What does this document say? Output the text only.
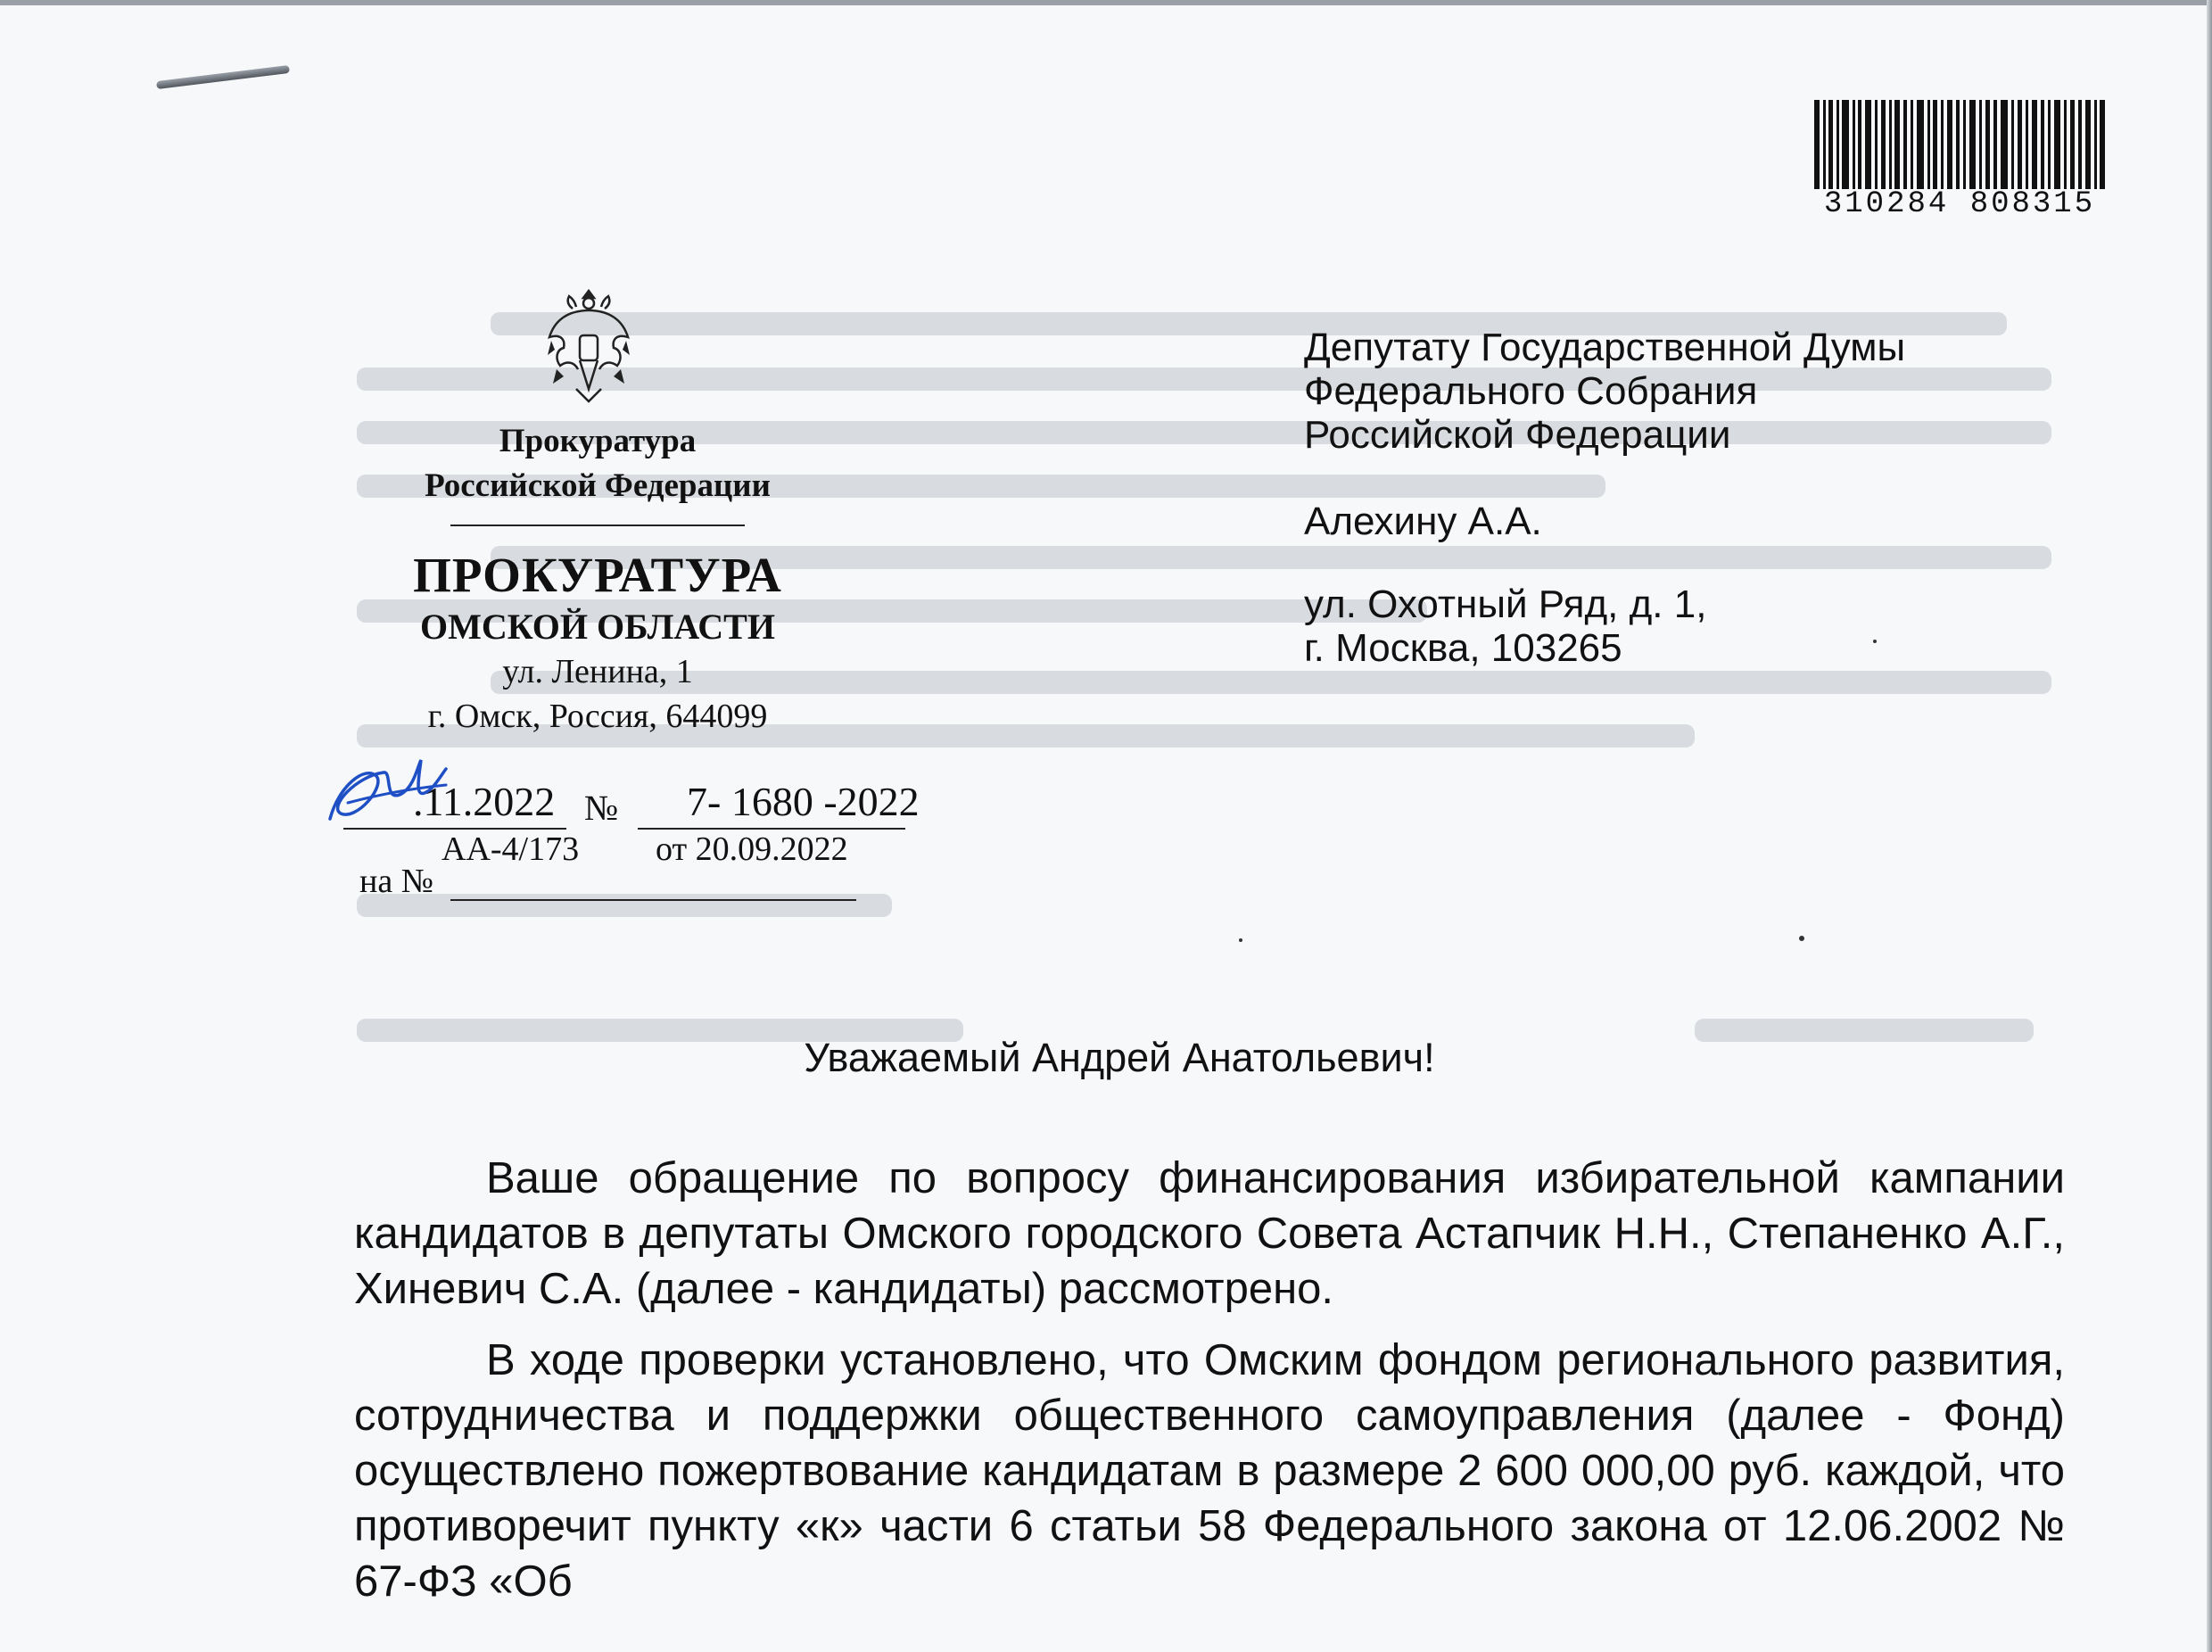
310284 808315
Прокуратура
Российской Федерации
ПРОКУРАТУРА
ОМСКОЙ ОБЛАСТИ
ул. Ленина, 1
г. Омск, Россия, 644099
.11.2022 № 7- 1680 -2022
АА-4/173 от 20.09.2022
на №
Депутату Государственной Думы
Федерального Собрания
Российской Федерации
Алехину А.А.
ул. Охотный Ряд, д. 1,
г. Москва, 103265
Уважаемый Андрей Анатольевич!

Ваше обращение по вопросу финансирования избирательной кампании кандидатов в депутаты Омского городского Совета Астапчик Н.Н., Степаненко А.Г., Хиневич С.А. (далее - кандидаты) рассмотрено.

В ходе проверки установлено, что Омским фондом регионального развития, сотрудничества и поддержки общественного самоуправления (далее - Фонд) осуществлено пожертвование кандидатам в размере 2 600 000,00 руб. каждой, что противоречит пункту «к» части 6 статьи 58 Федерального закона от 12.06.2002 № 67-ФЗ «Об
